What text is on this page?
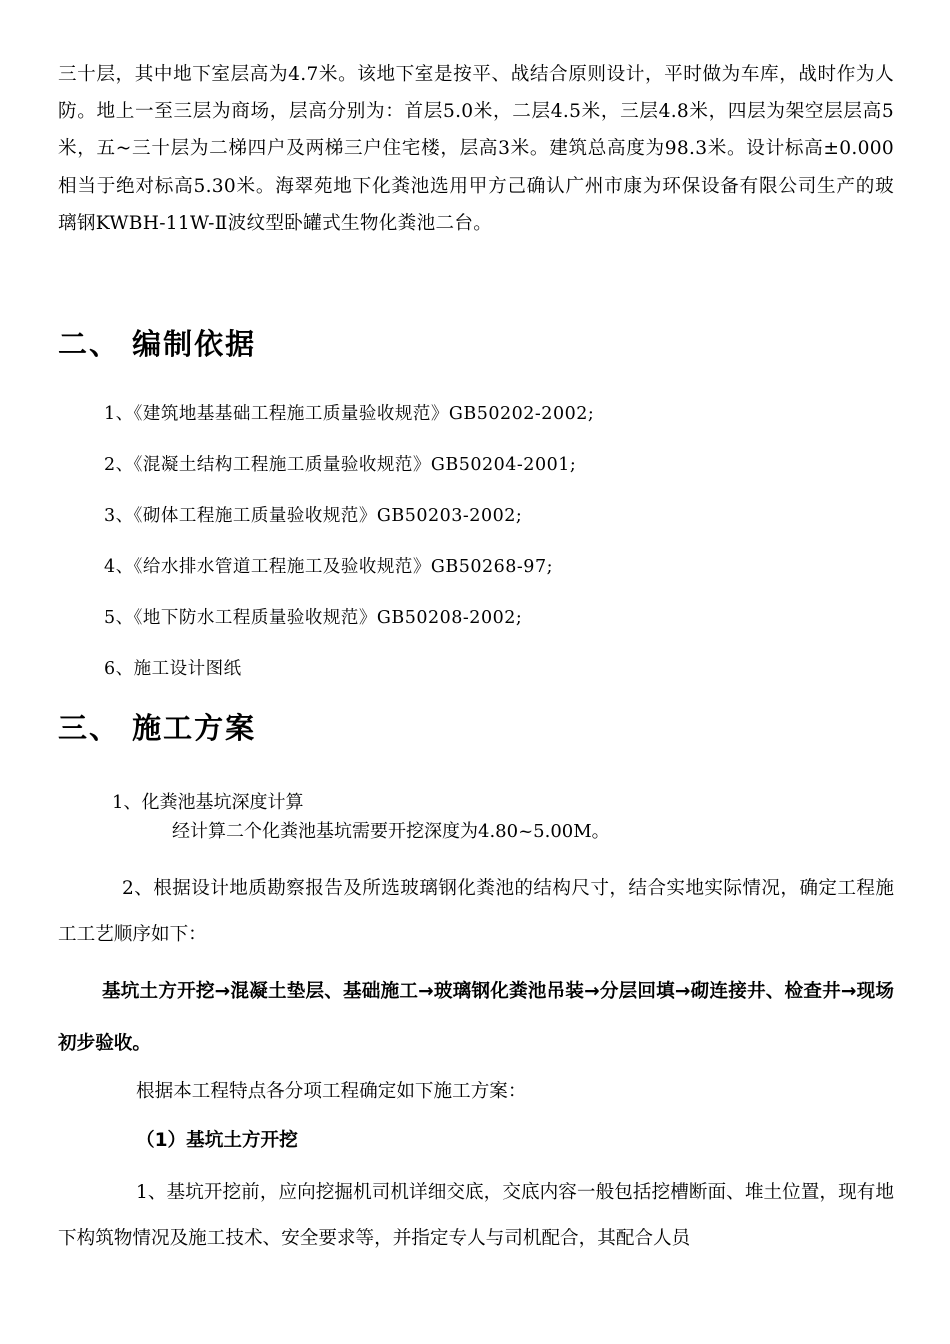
三十层，其中地下室层高为4.7米。该地下室是按平、战结合原则设计，平时做为车库，战时作为人防。地上一至三层为商场，层高分别为：首层5.0米，二层4.5米，三层4.8米，四层为架空层层高5米，五~三十层为二梯四户及两梯三户住宅楼，层高3米。建筑总高度为98.3米。设计标高±0.000相当于绝对标高5.30米。海翠苑地下化粪池选用甲方己确认广州市康为环保设备有限公司生产的玻璃钢KWBH-11W-Ⅱ波纹型卧罐式生物化粪池二台。

二、 编制依据
1、《建筑地基基础工程施工质量验收规范》GB50202-2002;
2、《混凝土结构工程施工质量验收规范》GB50204-2001;
3、《砌体工程施工质量验收规范》GB50203-2002;
4、《给水排水管道工程施工及验收规范》GB50268-97;
5、《地下防水工程质量验收规范》GB50208-2002;
6、施工设计图纸
三、 施工方案

1、化粪池基坑深度计算

经计算二个化粪池基坑需要开挖深度为4.80~5.00M。

2、根据设计地质勘察报告及所选玻璃钢化粪池的结构尺寸，结合实地实际情况，确定工程施工工艺顺序如下：

基坑土方开挖→混凝土垫层、基础施工→玻璃钢化粪池吊装→分层回填→砌连接井、检查井→现场初步验收。

根据本工程特点各分项工程确定如下施工方案：

（1）基坑土方开挖

1、基坑开挖前，应向挖掘机司机详细交底，交底内容一般包括挖槽断面、堆土位置，现有地下构筑物情况及施工技术、安全要求等，并指定专人与司机配合，其配合人员
